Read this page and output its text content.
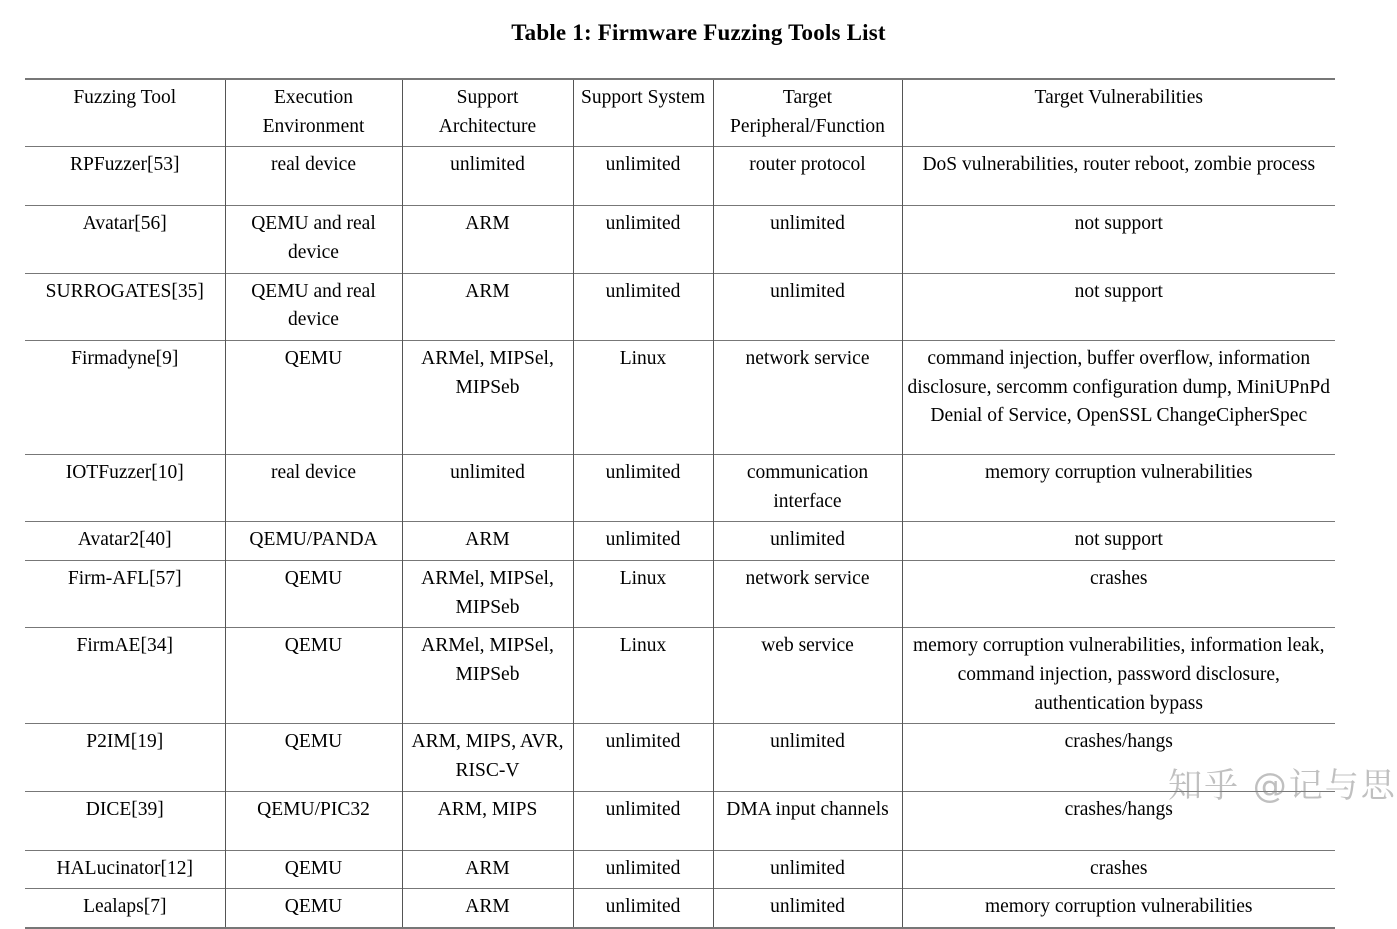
Table 1: Firmware Fuzzing Tools List
Fuzzing Tool	Execution Environment	Support Architecture	Support System	Target Peripheral/Function	Target Vulnerabilities
RPFuzzer[53]	real device	unlimited	unlimited	router protocol	DoS vulnerabilities, router reboot, zombie process
Avatar[56]	QEMU and real device	ARM	unlimited	unlimited	not support
SURROGATES[35]	QEMU and real device	ARM	unlimited	unlimited	not support
Firmadyne[9]	QEMU	ARMel, MIPSel, MIPSeb	Linux	network service	command injection, buffer overflow, information disclosure, sercomm configuration dump, MiniUPnPd Denial of Service, OpenSSL ChangeCipherSpec
IOTFuzzer[10]	real device	unlimited	unlimited	communication interface	memory corruption vulnerabilities
Avatar2[40]	QEMU/PANDA	ARM	unlimited	unlimited	not support
Firm-AFL[57]	QEMU	ARMel, MIPSel, MIPSeb	Linux	network service	crashes
FirmAE[34]	QEMU	ARMel, MIPSel, MIPSeb	Linux	web service	memory corruption vulnerabilities, information leak, command injection, password disclosure, authentication bypass
P2IM[19]	QEMU	ARM, MIPS, AVR, RISC-V	unlimited	unlimited	crashes/hangs
DICE[39]	QEMU/PIC32	ARM, MIPS	unlimited	DMA input channels	crashes/hangs
HALucinator[12]	QEMU	ARM	unlimited	unlimited	crashes
Lealaps[7]	QEMU	ARM	unlimited	unlimited	memory corruption vulnerabilities
知乎 @记与思
